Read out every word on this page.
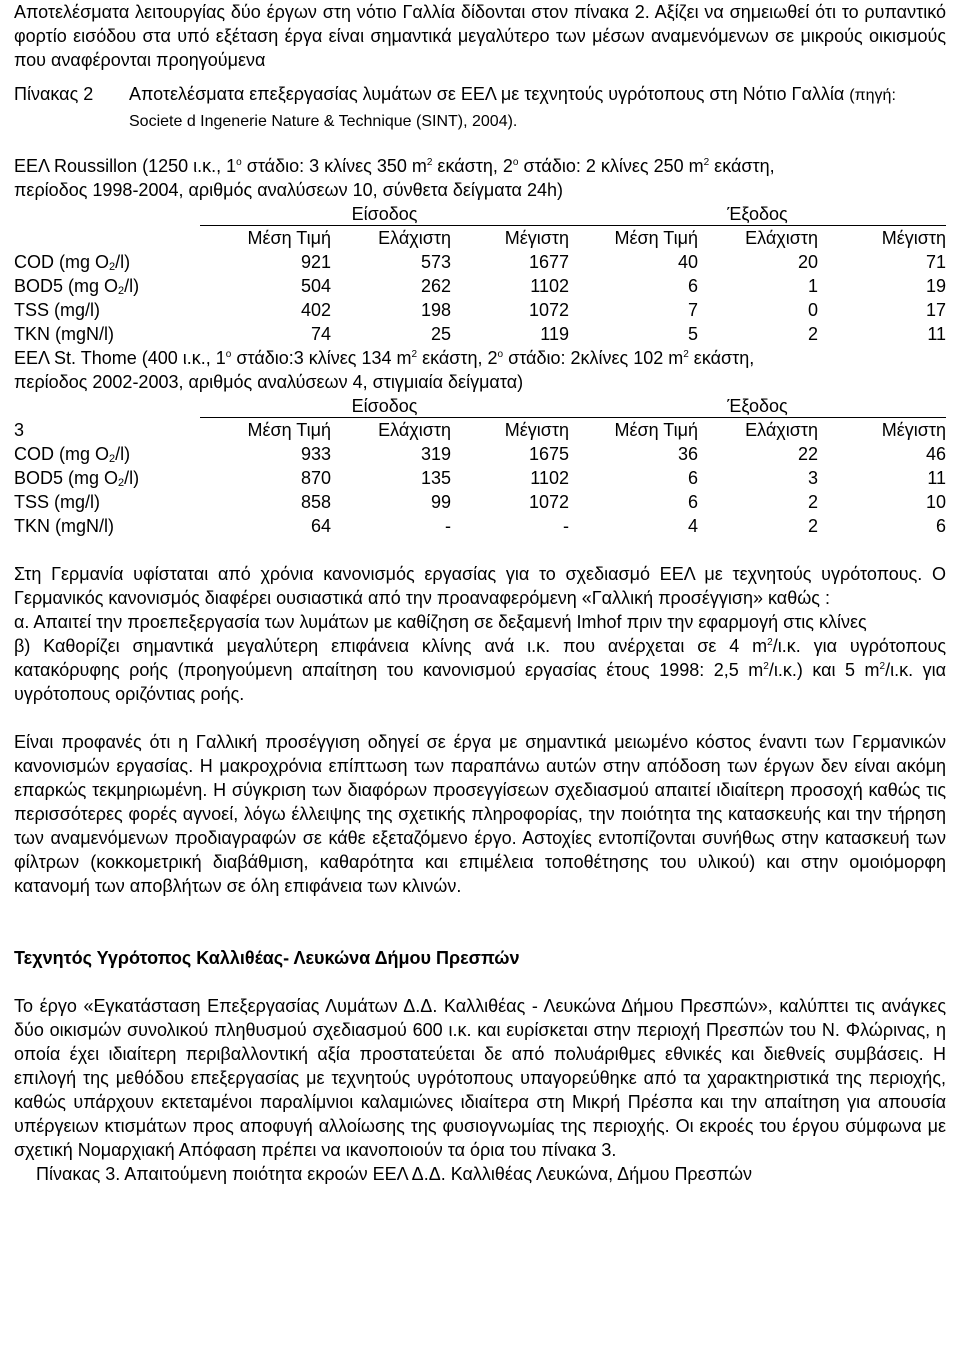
Αποτελέσματα λειτουργίας δύο έργων στη νότιο Γαλλία δίδονται στον πίνακα 2. Αξίζει να σημειωθεί ότι το ρυπαντικό φορτίο εισόδου στα υπό εξέταση έργα είναι σημαντικά μεγαλύτερο των μέσων αναμενόμενων σε μικρούς οικισμούς που αναφέρονται προηγούμενα

Πίνακας 2	Αποτελέσματα επεξεργασίας λυμάτων σε ΕΕΛ με τεχνητούς υγρότοπους στη Νότιο Γαλλία (πηγή: Societe d Ingenerie Nature & Technique (SINT), 2004).

ΕΕΛ Roussillon (1250 ι.κ., $1^o$ στάδιο: 3 κλίνες 350 $m^2$ εκάστη, $2^o$ στάδιο: 2 κλίνες 250 $m^2$ εκάστη,

περίοδος 1998-2004, αριθμός αναλύσεων 10, σύνθετα δείγματα 24h)

Είσοδος	Έξοδος
Μέση Τιμή	Ελάχιστη	Μέγιστη	Μέση Τιμή	Ελάχιστη	Μέγιστη
COD (mg $O_2/l$)	921	573	1677	40	20	71
BOD5 (mg $O_2/l$)	504	262	1102	6	1	19
TSS (mg/l)	402	198	1072	7	0	17
TKN (mgN/l)	74	25	119	5	2	11

ΕΕΛ St. Thome (400 ι.κ., $1^o$ στάδιο:3 κλίνες 134 $m^2$ εκάστη, $2^o$ στάδιο: 2κλίνες 102 $m^2$ εκάστη,

περίοδος 2002-2003, αριθμός αναλύσεων 4, στιγμιαία δείγματα)

Είσοδος	Έξοδος
3	Μέση Τιμή	Ελάχιστη	Μέγιστη	Μέση Τιμή	Ελάχιστη	Μέγιστη
COD (mg $O_2/l$)	933	319	1675	36	22	46
BOD5 (mg $O_2/l$)	870	135	1102	6	3	11
TSS (mg/l)	858	99	1072	6	2	10
TKN (mgN/l)	64	-	-	4	2	6

Στη Γερμανία υφίσταται από χρόνια κανονισμός εργασίας για το σχεδιασμό ΕΕΛ με τεχνητούς υγρότοπους. Ο Γερμανικός κανονισμός διαφέρει ουσιαστικά από την προαναφερόμενη «Γαλλική προσέγγιση» καθώς :

α. Απαιτεί την προεπεξεργασία των λυμάτων με καθίζηση σε δεξαμενή Imhof πριν την εφαρμογή στις κλίνες

β) Καθορίζει σημαντικά μεγαλύτερη επιφάνεια κλίνης ανά ι.κ. που ανέρχεται σε 4 $m^2/\iota.\kappa$. για υγρότοπους κατακόρυφης ροής (προηγούμενη απαίτηση του κανονισμού εργασίας έτους 1998: 2,5 $m^2/\iota.\kappa$.) και 5 $m^2/\iota.\kappa$. για υγρότοπους οριζόντιας ροής.

Είναι προφανές ότι η Γαλλική προσέγγιση οδηγεί σε έργα με σημαντικά μειωμένο κόστος έναντι των Γερμανικών κανονισμών εργασίας. Η μακροχρόνια επίπτωση των παραπάνω αυτών στην απόδοση των έργων δεν είναι ακόμη επαρκώς τεκμηριωμένη. Η σύγκριση των διαφόρων προσεγγίσεων σχεδιασμού απαιτεί ιδιαίτερη προσοχή καθώς τις περισσότερες φορές αγνοεί, λόγω έλλειψης της σχετικής πληροφορίας, την ποιότητα της κατασκευής και την τήρηση των αναμενόμενων προδιαγραφών σε κάθε εξεταζόμενο έργο. Αστοχίες εντοπίζονται συνήθως στην κατασκευή των φίλτρων (κοκκομετρική διαβάθμιση, καθαρότητα και επιμέλεια τοποθέτησης του υλικού) και στην ομοιόμορφη κατανομή των αποβλήτων σε όλη επιφάνεια των κλινών.

Τεχνητός Υγρότοπος Καλλιθέας- Λευκώνα Δήμου Πρεσπών

Το έργο «Εγκατάσταση Επεξεργασίας Λυμάτων Δ.Δ. Καλλιθέας - Λευκώνα Δήμου Πρεσπών», καλύπτει τις ανάγκες δύο οικισμών συνολικού πληθυσμού σχεδιασμού 600 ι.κ. και ευρίσκεται στην περιοχή Πρεσπών του Ν. Φλώρινας, η οποία έχει ιδιαίτερη περιβαλλοντική αξία προστατεύεται δε από πολυάριθμες εθνικές και διεθνείς συμβάσεις. Η επιλογή της μεθόδου επεξεργασίας με τεχνητούς υγρότοπους υπαγορεύθηκε από τα χαρακτηριστικά της περιοχής, καθώς υπάρχουν εκτεταμένοι παραλίμνιοι καλαμιώνες ιδιαίτερα στη Μικρή Πρέσπα και την απαίτηση για απουσία υπέργειων κτισμάτων προς αποφυγή αλλοίωσης της φυσιογνωμίας της περιοχής. Οι εκροές του έργου σύμφωνα με σχετική Νομαρχιακή Απόφαση πρέπει να ικανοποιούν τα όρια του πίνακα 3.

Πίνακας 3. Απαιτούμενη ποιότητα εκροών ΕΕΛ Δ.Δ. Καλλιθέας Λευκώνα, Δήμου Πρεσπών
